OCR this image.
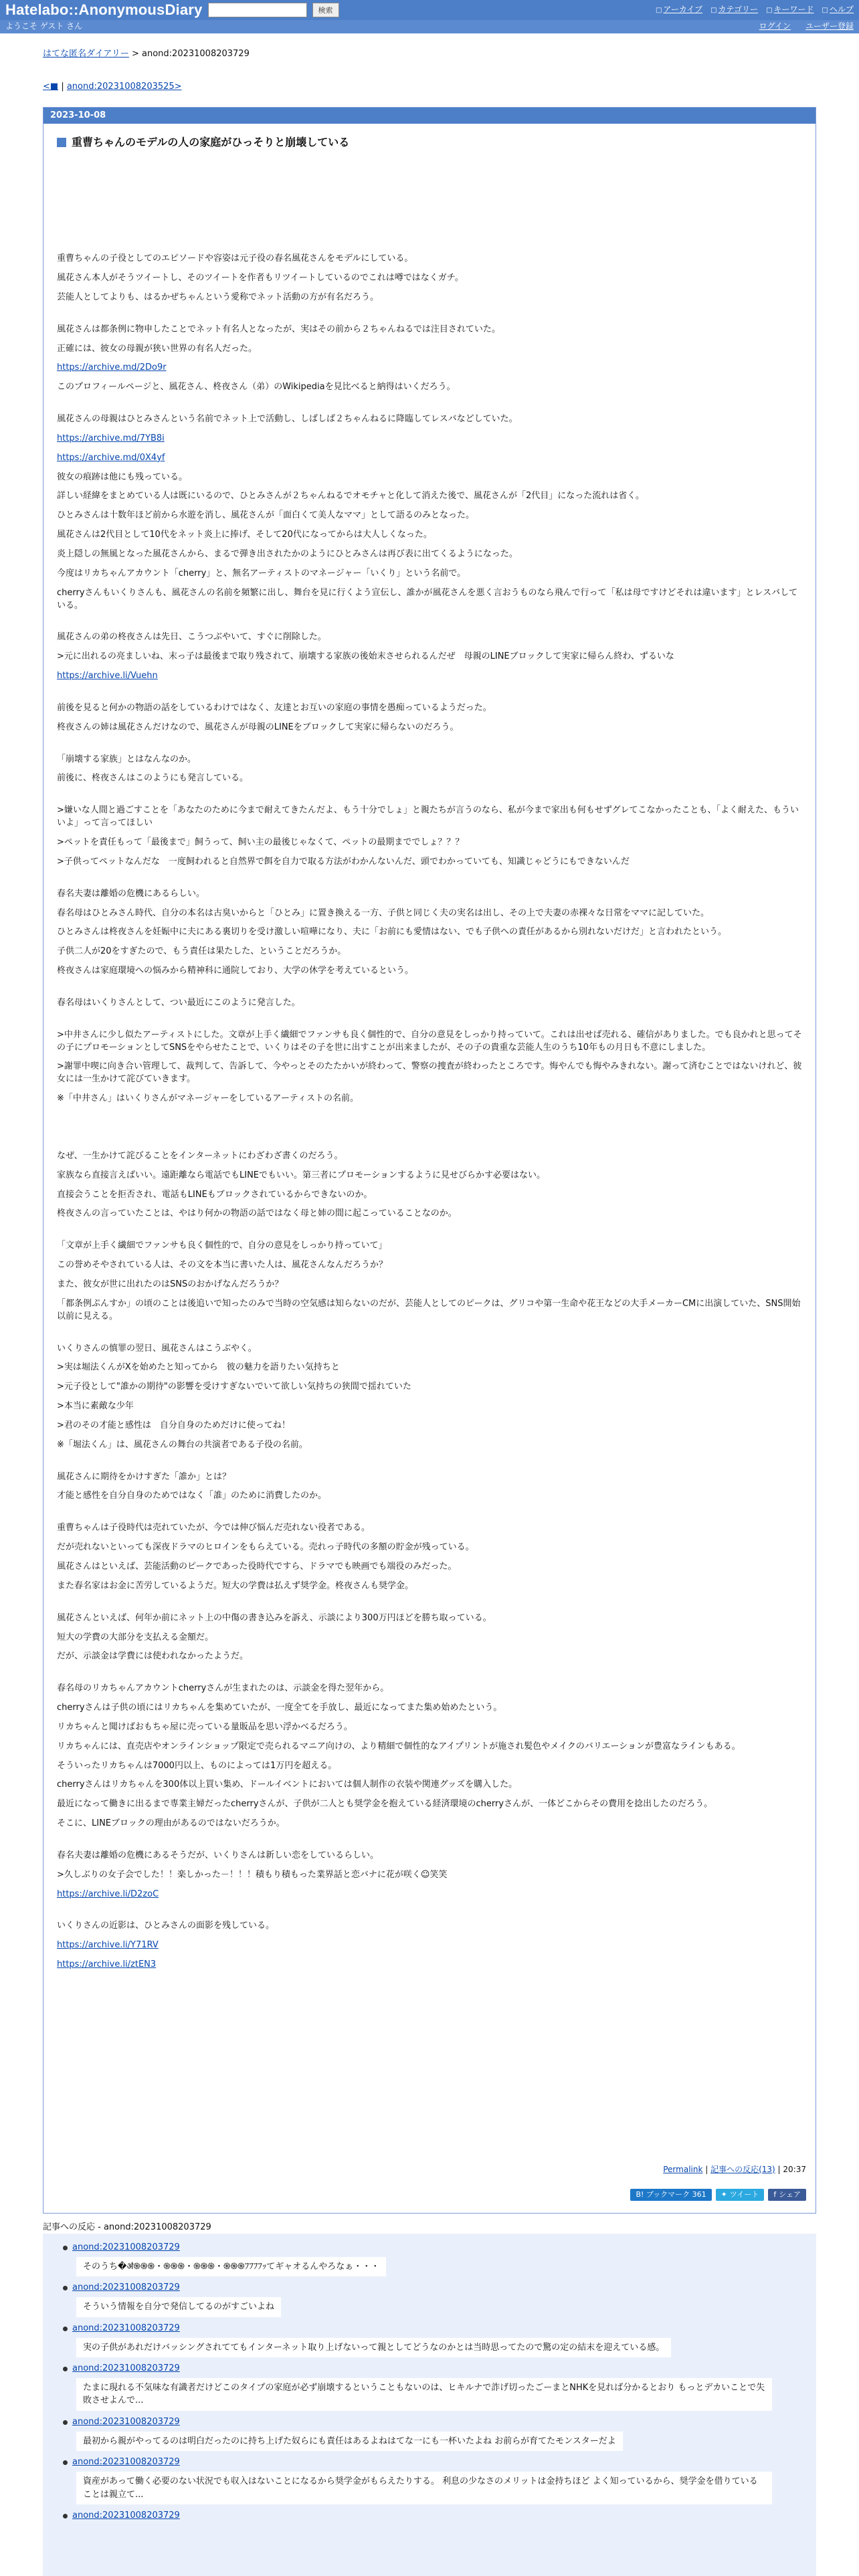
Hatelabo::AnonymousDiary	検索	□ アーカイブ	□ カテゴリー	□ キーワード	□ ヘルプ
ようこそ ゲスト さん	ログイン ユーザー登録
はてな匿名ダイアリー > anond:20231008203729
<■ | anond:20231008203525>
2023-10-08
重曹ちゃんのモデルの人の家庭がひっそりと崩壊している

重曹ちゃんの子役としてのエピソードや容姿は元子役の春名風花さんをモデルにしている。

風花さん本人がそうツイートし、そのツイートを作者もリツイートしているのでこれは噂ではなくガチ。

芸能人としてよりも、はるかぜちゃんという愛称でネット活動の方が有名だろう。

風花さんは都条例に物申したことでネット有名人となったが、実はその前から２ちゃんねるでは注目されていた。

正確には、彼女の母親が狭い世界の有名人だった。

https://archive.md/2Do9r

このプロフィールページと、風花さん、柊夜さん（弟）のWikipediaを見比べると納得はいくだろう。

風花さんの母親はひとみさんという名前でネット上で活動し、しばしば２ちゃんねるに降臨してレスバなどしていた。

https://archive.md/7YB8i

https://archive.md/0X4yf

彼女の痕跡は他にも残っている。

詳しい経緯をまとめている人は既にいるので、ひとみさんが２ちゃんねるでオモチャと化して消えた後で、風花さんが「2代目」になった流れは省く。

ひとみさんは十数年ほど前から水遊を消し、風花さんが「面白くて美人なママ」として語るのみとなった。

風花さんは2代目として10代をネット炎上に捧げ、そして20代になってからは大人しくなった。

炎上隠しの無風となった風花さんから、まるで弾き出されたかのようにひとみさんは再び表に出てくるようになった。

今度はリカちゃんアカウント「cherry」と、無名アーティストのマネージャー「いくり」という名前で。

cherryさんもいくりさんも、風花さんの名前を頻繁に出し、舞台を見に行くよう宣伝し、誰かが風花さんを悪く言おうものなら飛んで行って「私は母ですけどそれは違います」とレスバしている。

風花さんの弟の柊夜さんは先日、こうつぶやいて、すぐに削除した。

>元に出れるの亮ましいね、末っ子は最後まで取り残されて、崩壊する家族の後始末させられるんだぜ　母親のLINEブロックして実家に帰らん終わ、ずるいな

https://archive.li/Vuehn

前後を見ると何かの物語の話をしているわけではなく、友達とお互いの家庭の事情を愚痴っているようだった。

柊夜さんの姉は風花さんだけなので、風花さんが母親のLINEをブロックして実家に帰らないのだろう。

「崩壊する家族」とはなんなのか。

前後に、柊夜さんはこのようにも発言している。

>嫌いな人間と過ごすことを「あなたのために今まで耐えてきたんだよ、もう十分でしょ」と親たちが言うのなら、私が今まで家出も何もせずグレてこなかったことも、「よく耐えた、もういいよ」って言ってほしい

>ペットを責任もって「最後まで」飼うって、飼い主の最後じゃなくて、ペットの最期まででしょ？？？

>子供ってペットなんだな　一度飼われると自然界で餌を自力で取る方法がわかんないんだ、頭でわかっていても、知識じゃどうにもできないんだ

春名夫妻は離婚の危機にあるらしい。

春名母はひとみさん時代、自分の本名は古臭いからと「ひとみ」に置き換える一方、子供と同じく夫の実名は出し、その上で夫妻の赤裸々な日常をママに記していた。

ひとみさんは柊夜さんを妊娠中に夫にある裏切りを受け激しい喧嘩になり、夫に「お前にも愛情はない、でも子供への責任があるから別れないだけだ」と言われたという。

子供二人が20をすぎたので、もう責任は果たした、ということだろうか。

柊夜さんは家庭環境への悩みから精神科に通院しており、大学の休学を考えているという。

春名母はいくりさんとして、つい最近にこのように発言した。

>中井さんに少し似たアーティストにした。文章が上手く繊細でファンサも良く個性的で、自分の意見をしっかり持っていて。これは出せば売れる、確信がありました。でも良かれと思ってその子にプロモーションとしてSNSをやらせたことで、いくりはその子を世に出すことが出来ましたが、その子の貴重な芸能人生のうち10年もの月日も不意にしました。

>謝罪中喫に向き合い管理して、裁判して、告訴して、今やっとそのたたかいが終わって、警察の捜査が終わったところです。悔やんでも悔やみきれない。謝って済むことではないけれど、彼女には一生かけて詫びていきます。

※「中井さん」はいくりさんがマネージャーをしているアーティストの名前。

なぜ、一生かけて詫びることをインターネットにわざわざ書くのだろう。

家族なら直接言えばいい。遠距離なら電話でもLINEでもいい。第三者にプロモーションするように見せびらかす必要はない。

直接会うことを拒否され、電話もLINEもブロックされているからできないのか。

柊夜さんの言っていたことは、やはり何かの物語の話ではなく母と姉の間に起こっていることなのか。

「文章が上手く繊細でファンサも良く個性的で、自分の意見をしっかり持っていて」

この誉めそやされている人は、その文を本当に書いた人は、風花さんなんだろうか？

また、彼女が世に出れたのはSNSのおかげなんだろうか？

「都条例ぷんすか」の頃のことは後追いで知ったのみで当時の空気感は知らないのだが、芸能人としてのピークは、グリコや第一生命や花王などの大手メーカーCMに出演していた、SNS開始以前に見える。

いくりさんの慎罪の翌日、風花さんはこうぶやく。

>実は堀法くんがXを始めたと知ってから　彼の魅力を語りたい気持ちと

>元子役として"誰かの期待"の影響を受けすぎないでいて欲しい気持ちの狭間で揺れていた

>本当に素敵な少年

>君のその才能と感性は　自分自身のためだけに使ってね！

※「堀法くん」は、風花さんの舞台の共演者である子役の名前。

風花さんに期待をかけすぎた「誰か」とは？

才能と感性を自分自身のためではなく「誰」のために消費したのか。

重曹ちゃんは子役時代は売れていたが、今では伸び悩んだ売れない役者である。

だが売れないといっても深夜ドラマのヒロインをもらえている。売れっ子時代の多額の貯金が残っている。

風花さんはといえば、芸能活動のピークであった役時代ですら、ドラマでも映画でも端役のみだった。

また春名家はお金に苦労しているようだ。短大の学費は払えず奨学金。柊夜さんも奨学金。

風花さんといえば、何年か前にネット上の中傷の書き込みを訴え、示談により300万円ほどを勝ち取っている。

短大の学費の大部分を支払える金額だ。

だが、示談金は学費には使われなかったようだ。

春名母のリカちゃんアカウントcherryさんが生まれたのは、示談金を得た翌年から。

cherryさんは子供の頃にはリカちゃんを集めていたが、一度全てを手放し、最近になってまた集め始めたという。

リカちゃんと聞けばおもちゃ屋に売っている量販品を思い浮かべるだろう。

リカちゃんには、直売店やオンラインショップ限定で売られるマニア向けの、より精細で個性的なアイプリントが施され髪色やメイクのバリエーションが豊富なラインもある。

そういったリカちゃんは7000円以上、ものによっては1万円を超える。

cherryさんはリカちゃんを300体以上買い集め、ドールイベントにおいては個人制作の衣装や関連グッズを購入した。

最近になって働きに出るまで専業主婦だったcherryさんが、子供が二人とも奨学金を抱えている経済環境のcherryさんが、一体どこからその費用を捻出したのだろう。

そこに、LINEブロックの理由があるのではないだろうか。

春名夫妻は離婚の危機にあるそうだが、いくりさんは新しい恋をしているらしい。

>久しぶりの女子会でした！！楽しかった－！！！積もり積もった業界話と恋バナに花が咲く☺笑笑

https://archive.li/D2zoC

いくりさんの近影は、ひとみさんの面影を残している。

https://archive.li/Y71RV

https://archive.li/ztEN3

Permalink | 記事への反応(13) | 20:37
B! ブックマーク 361 ✦ ツイート f シェア
記事への反応 - anond:20231008203729
anond:20231008203729
そのうち�ॳ֍֍֍・֍֍֍・֍֍֍・֍֍֍ﾌﾌﾌﾌｯてギャオるんやろなぁ・・・
anond:20231008203729
そういう情報を自分で発信してるのがすごいよね
anond:20231008203729
実の子供があれだけバッシングされててもインターネット取り上げないって親としてどうなのかとは当時思ってたので驚の定の結末を迎えている感。
anond:20231008203729
たまに現れる不気味な有識者だけどこのタイプの家庭が必ず崩壊するということもないのは、ヒキルナで詐げ切ったごーまとNHKを見れば分かるとおり もっとデカいことで失敗させよんで...
anond:20231008203729
最初から親がやってるのは明白だったのに持ち上げた奴らにも責任はあるよねはてな一にも一杯いたよね お前らが育てたモンスターだよ
anond:20231008203729
資産があって働く必要のない状況でも収入はないことになるから奨学金がもらえたりする。 利息の少なさのメリットは金持ちほど よく知っているから、奨学金を借りていることは親立て...
anond:20231008203729
